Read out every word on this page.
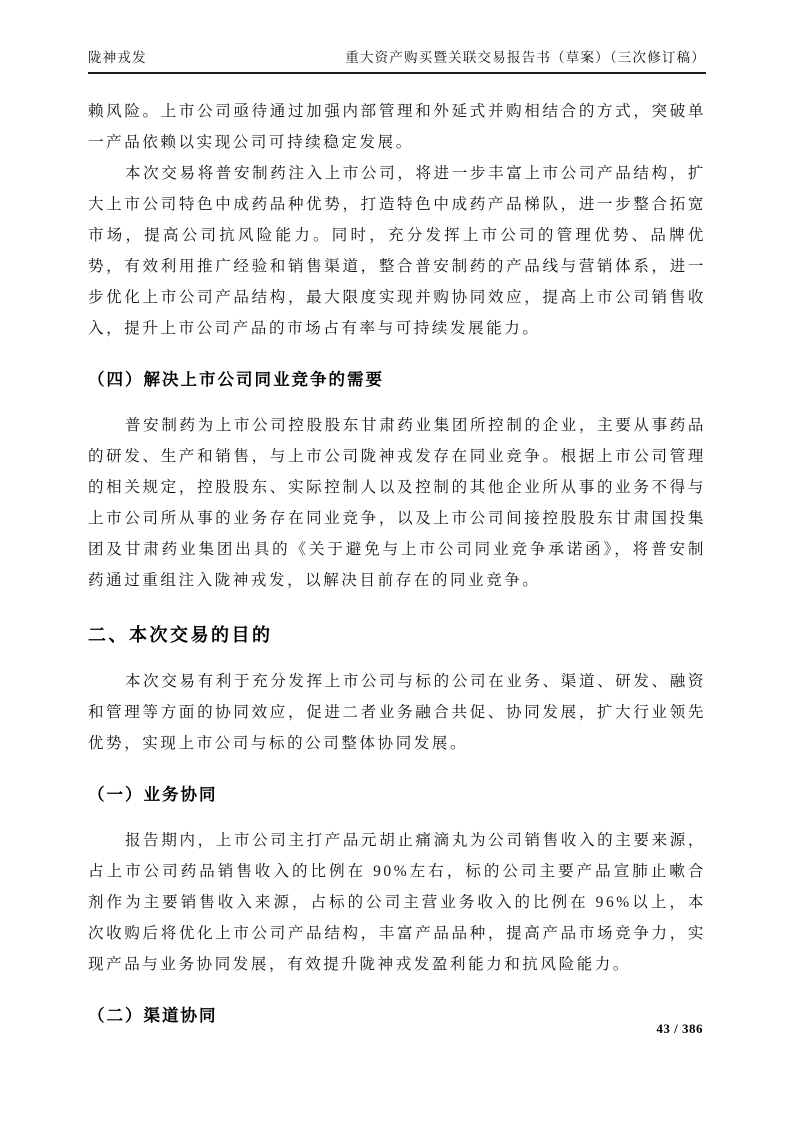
陇神戎发	重大资产购买暨关联交易报告书（草案）（三次修订稿）

赖风险。上市公司亟待通过加强内部管理和外延式并购相结合的方式，突破单一产品依赖以实现公司可持续稳定发展。

本次交易将普安制药注入上市公司，将进一步丰富上市公司产品结构，扩大上市公司特色中成药品种优势，打造特色中成药产品梯队，进一步整合拓宽市场，提高公司抗风险能力。同时，充分发挥上市公司的管理优势、品牌优势，有效利用推广经验和销售渠道，整合普安制药的产品线与营销体系，进一步优化上市公司产品结构，最大限度实现并购协同效应，提高上市公司销售收入，提升上市公司产品的市场占有率与可持续发展能力。

（四）解决上市公司同业竞争的需要

普安制药为上市公司控股股东甘肃药业集团所控制的企业，主要从事药品的研发、生产和销售，与上市公司陇神戎发存在同业竞争。根据上市公司管理的相关规定，控股股东、实际控制人以及控制的其他企业所从事的业务不得与上市公司所从事的业务存在同业竞争，以及上市公司间接控股股东甘肃国投集团及甘肃药业集团出具的《关于避免与上市公司同业竞争承诺函》，将普安制药通过重组注入陇神戎发，以解决目前存在的同业竞争。

二、本次交易的目的

本次交易有利于充分发挥上市公司与标的公司在业务、渠道、研发、融资和管理等方面的协同效应，促进二者业务融合共促、协同发展，扩大行业领先优势，实现上市公司与标的公司整体协同发展。

（一）业务协同

报告期内，上市公司主打产品元胡止痛滴丸为公司销售收入的主要来源，占上市公司药品销售收入的比例在 90%左右，标的公司主要产品宣肺止嗽合剂作为主要销售收入来源，占标的公司主营业务收入的比例在 96%以上，本次收购后将优化上市公司产品结构，丰富产品品种，提高产品市场竞争力，实现产品与业务协同发展，有效提升陇神戎发盈利能力和抗风险能力。

（二）渠道协同
43 / 386
